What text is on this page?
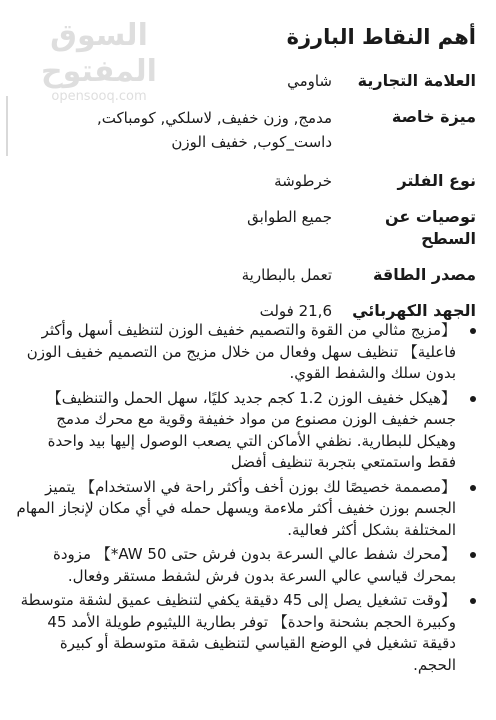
السوق المفتوح
opensooq.com
أهم النقاط البارزة
العلامة التجارية
شاومي
ميزة خاصة
مدمج, وزن خفيف, لاسلكي, كومباكت, داست_كوب, خفيف الوزن
نوع الفلتر
خرطوشة
توصيات عن السطح
جميع الطوابق
مصدر الطاقة
تعمل بالبطارية
الجهد الكهربائي
21,6 فولت
【مزيج مثالي من القوة والتصميم خفيف الوزن لتنظيف أسهل وأكثر فاعلية】 تنظيف سهل وفعال من خلال مزيج من التصميم خفيف الوزن بدون سلك والشفط القوي.
【هيكل خفيف الوزن 1.2 كجم جديد كليًا، سهل الحمل والتنظيف】 جسم خفيف الوزن مصنوع من مواد خفيفة وقوية مع محرك مدمج وهيكل للبطارية. نظفي الأماكن التي يصعب الوصول إليها بيد واحدة فقط واستمتعي بتجربة تنظيف أفضل
【مصممة خصيصًا لك بوزن أخف وأكثر راحة في الاستخدام】 يتميز الجسم بوزن خفيف أكثر ملاءمة ويسهل حمله في أي مكان لإنجاز المهام المختلفة بشكل أكثر فعالية.
【محرك شفط عالي السرعة بدون فرش حتى 50 AW*】 مزودة بمحرك قياسي عالي السرعة بدون فرش لشفط مستقر وفعال.
【وقت تشغيل يصل إلى 45 دقيقة يكفي لتنظيف عميق لشقة متوسطة وكبيرة الحجم بشحنة واحدة】 توفر بطارية الليثيوم طويلة الأمد 45 دقيقة تشغيل في الوضع القياسي لتنظيف شقة متوسطة أو كبيرة الحجم.
